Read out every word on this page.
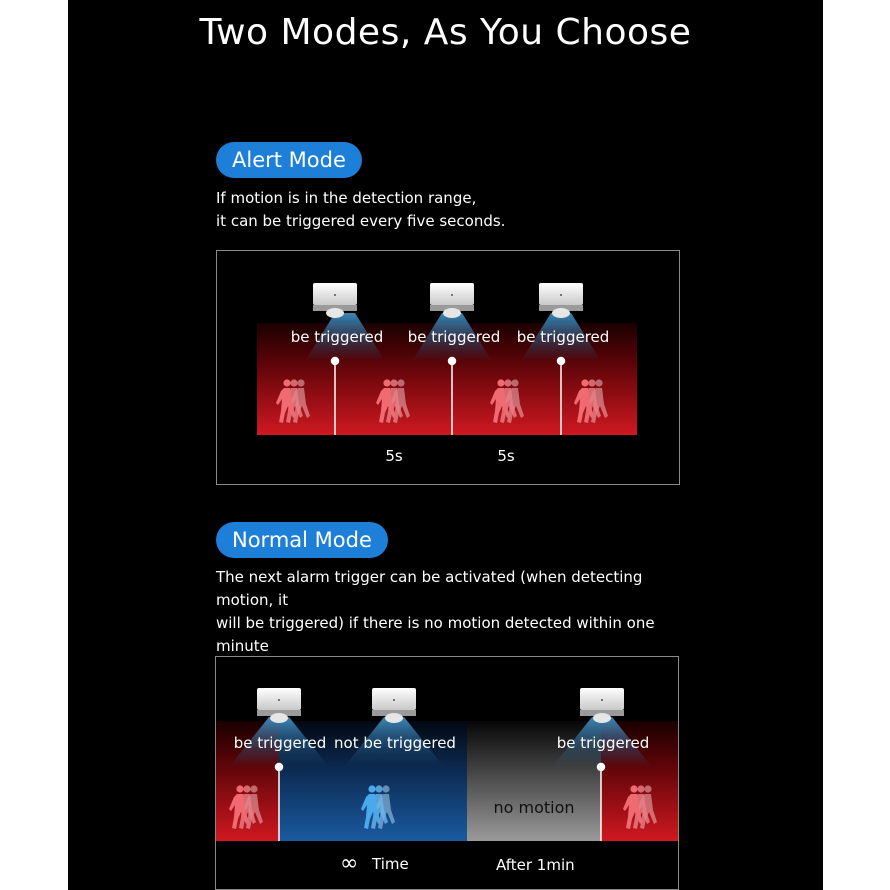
Two Modes, As You Choose
Alert Mode
If motion is in the detection range,
it can be triggered every five seconds.
be triggered be triggered be triggered
5s	5s
Normal Mode
The next alarm trigger can be activated (when detecting motion, it
will be triggered) if there is no motion detected within one minute
be triggered not be triggered	be triggered
no motion
∞ Time	After 1min
